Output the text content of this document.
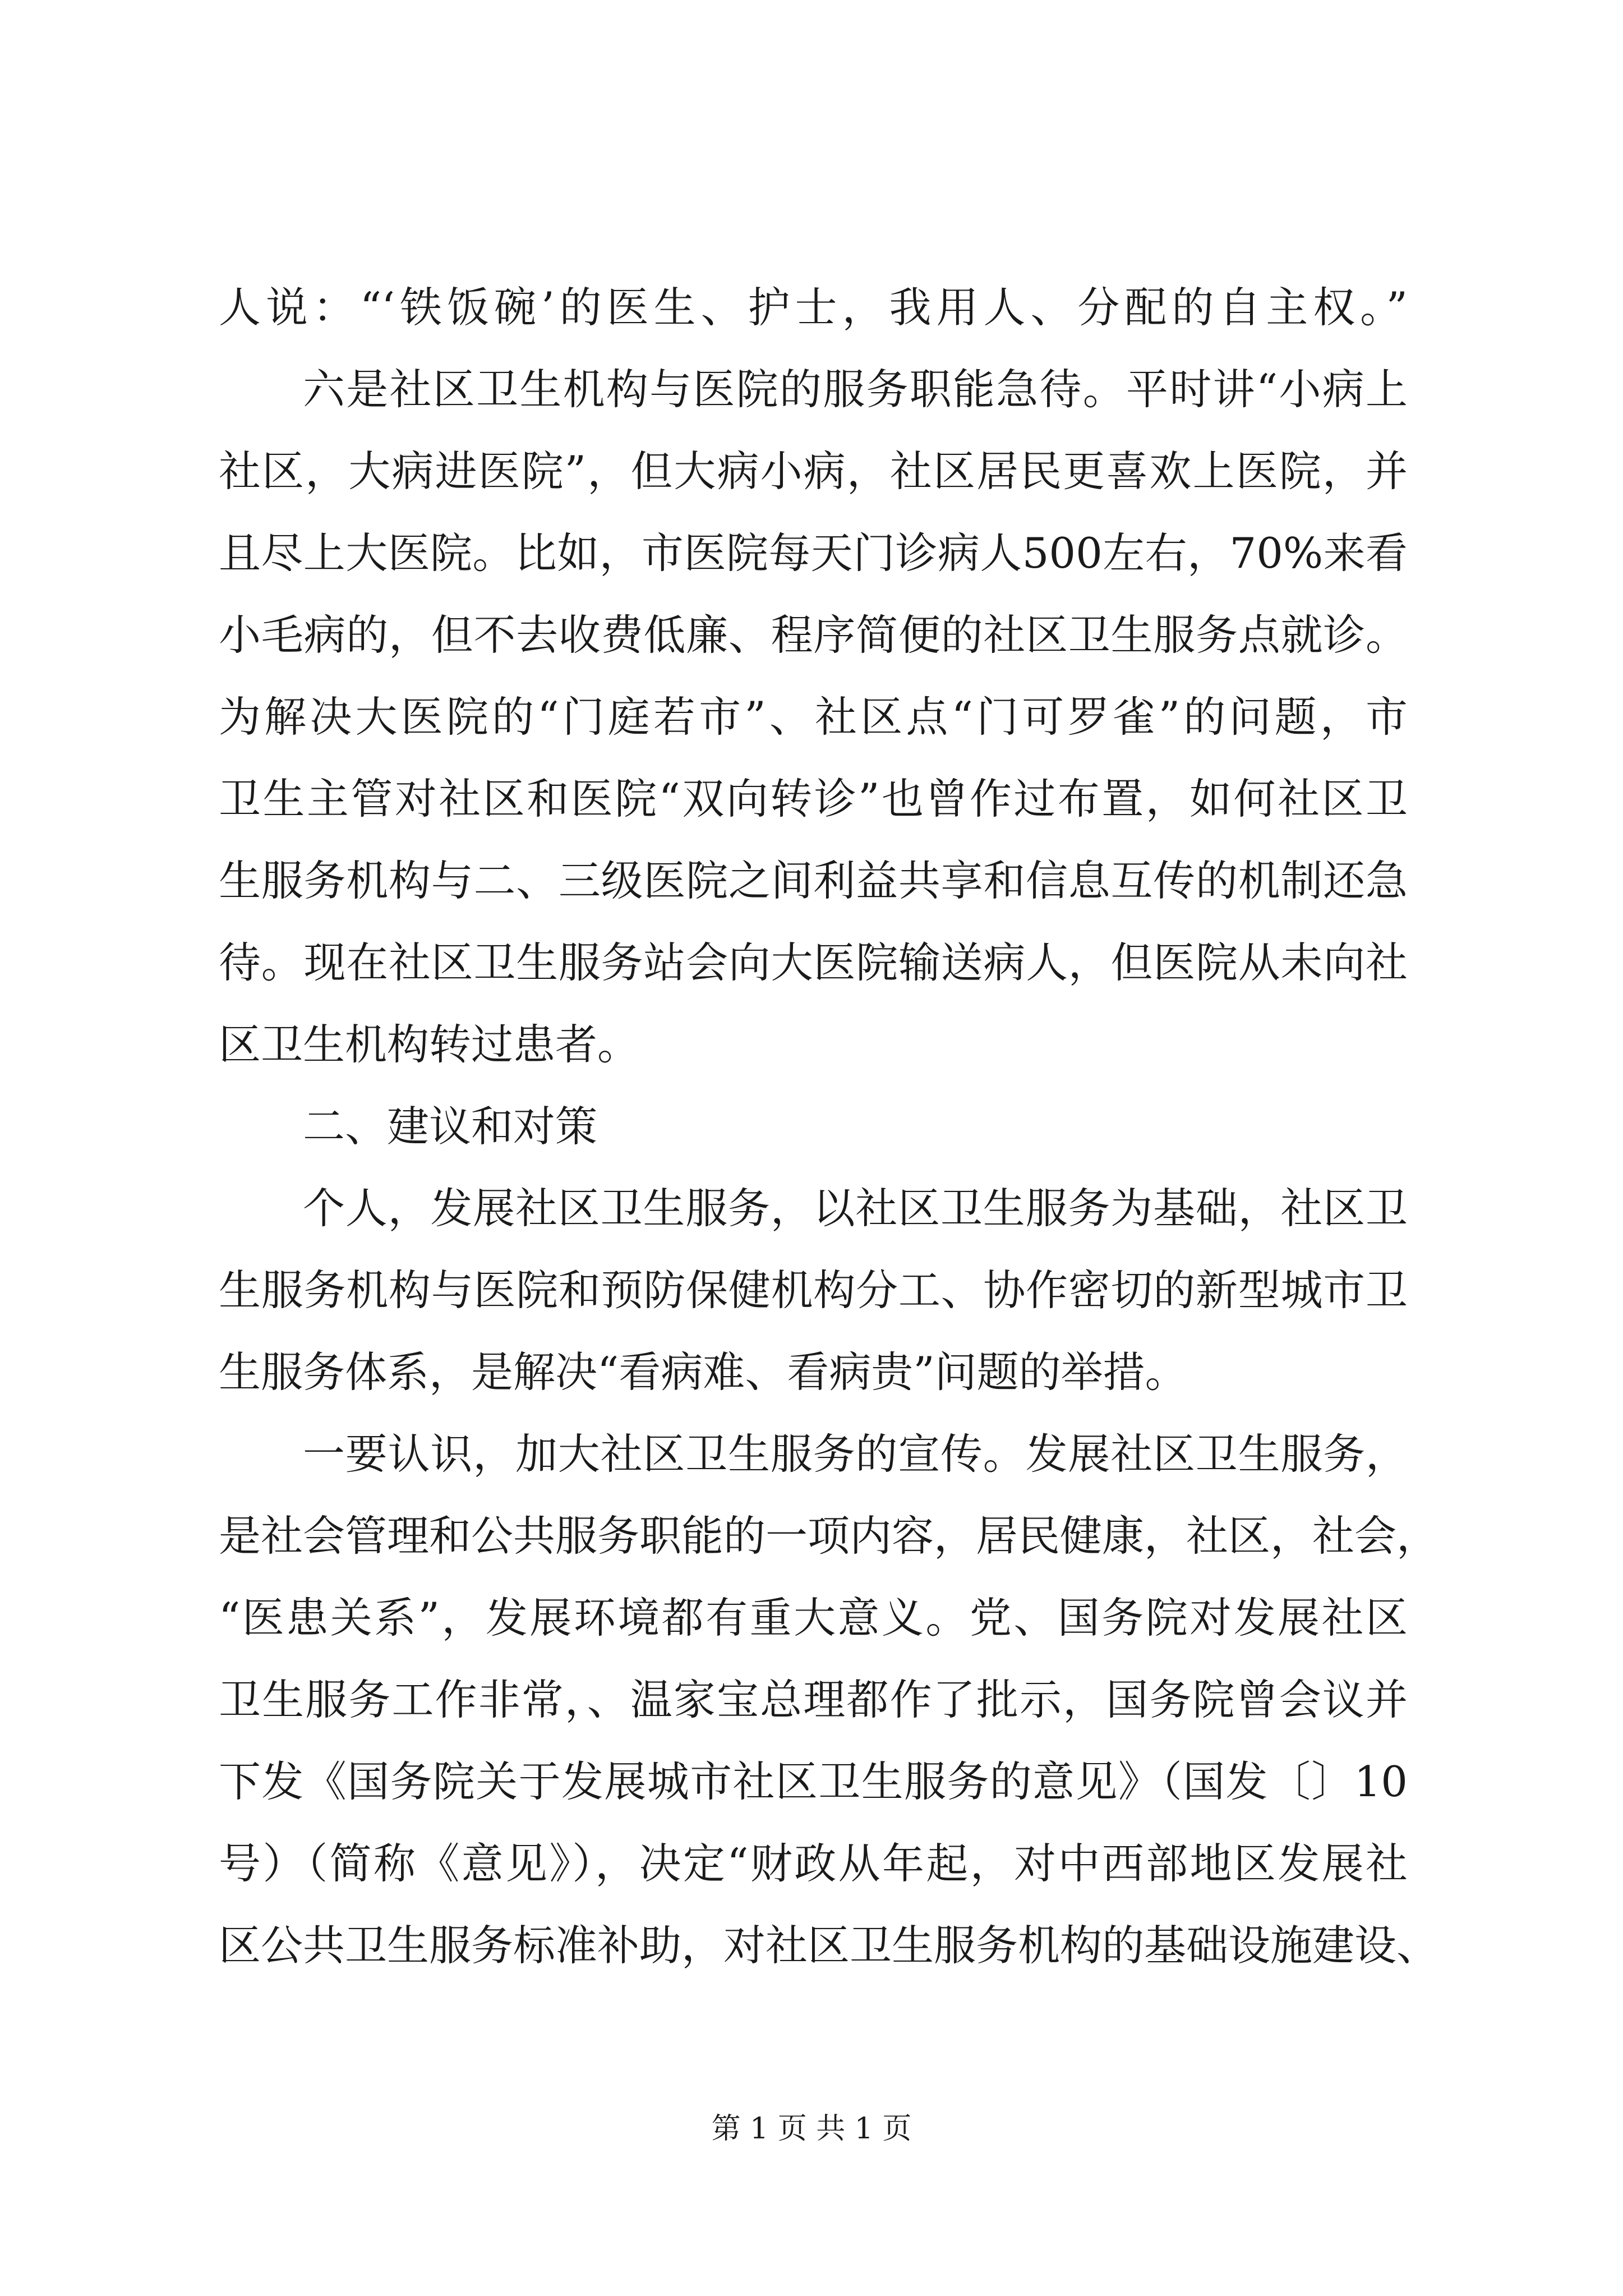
人说：“‘铁饭碗’的医生、护士，我用人、分配的自主权。”
六是社区卫生机构与医院的服务职能急待。平时讲“小病上
社区，大病进医院”，但大病小病，社区居民更喜欢上医院，并
且尽上大医院。比如，市医院每天门诊病人500左右，70%来看
小毛病的，但不去收费低廉、程序简便的社区卫生服务点就诊。
为解决大医院的“门庭若市”、社区点“门可罗雀”的问题，市
卫生主管对社区和医院“双向转诊”也曾作过布置，如何社区卫
生服务机构与二、三级医院之间利益共享和信息互传的机制还急
待。现在社区卫生服务站会向大医院输送病人，但医院从未向社
区卫生机构转过患者。
二、建议和对策
个人，发展社区卫生服务，以社区卫生服务为基础，社区卫
生服务机构与医院和预防保健机构分工、协作密切的新型城市卫
生服务体系，是解决“看病难、看病贵”问题的举措。
一要认识，加大社区卫生服务的宣传。发展社区卫生服务，
是社会管理和公共服务职能的一项内容，居民健康，社区，社会，
“医患关系”，发展环境都有重大意义。党、国务院对发展社区
卫生服务工作非常，、温家宝总理都作了批示，国务院曾会议并
下发《国务院关于发展城市社区卫生服务的意见》（国发〔〕10
号）（简称《意见》），决定“财政从年起，对中西部地区发展社
区公共卫生服务标准补助，对社区卫生服务机构的基础设施建设、
第 1 页 共 1 页
